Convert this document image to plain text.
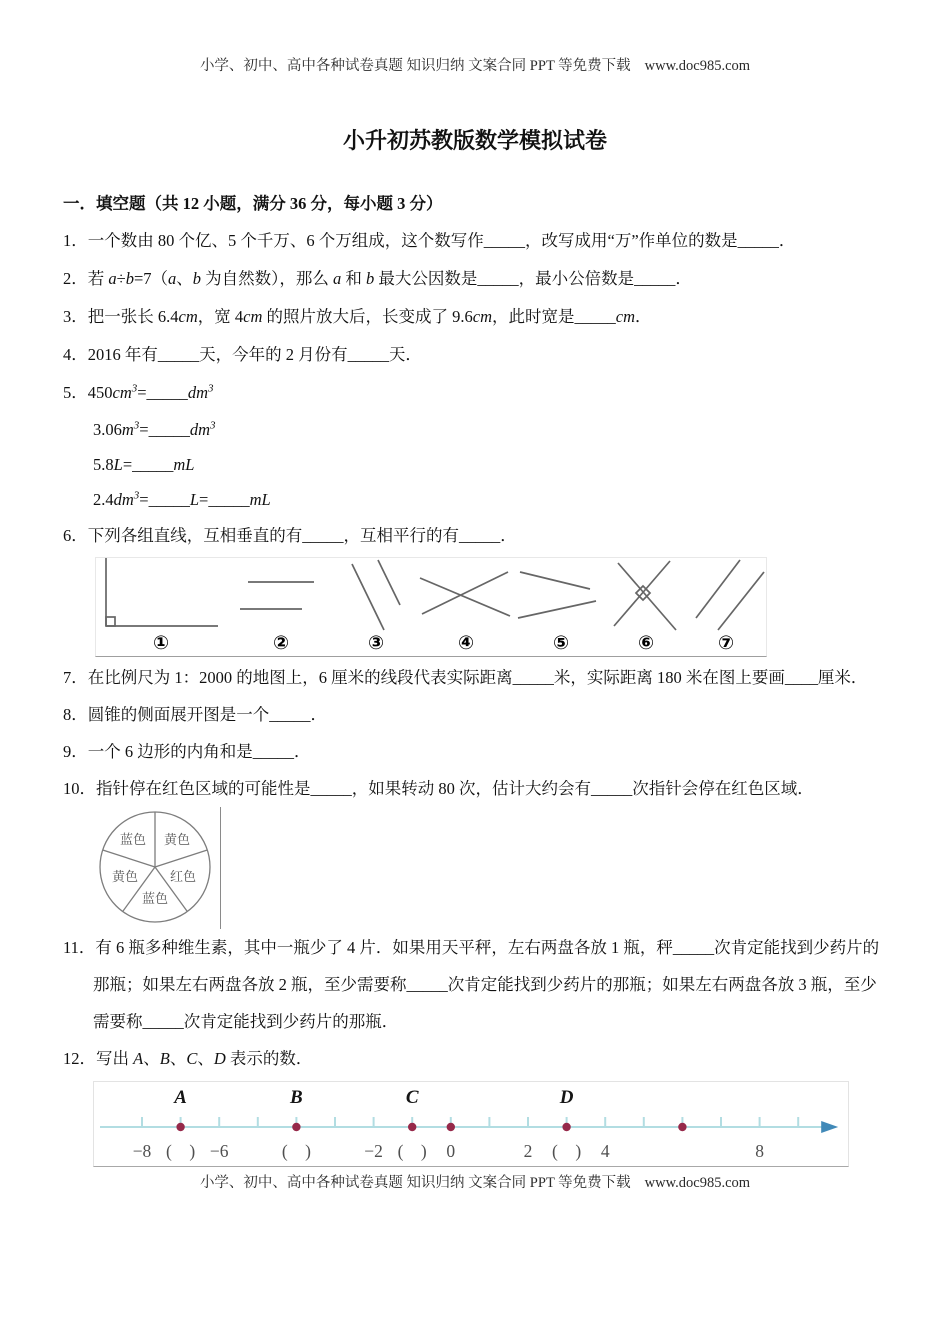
小学、初中、高中各种试卷真题 知识归纳 文案合同 PPT 等免费下载 www.doc985.com
小升初苏教版数学模拟试卷
一．填空题（共 12 小题，满分 36 分，每小题 3 分）

1．一个数由 80 个亿、5 个千万、6 个万组成，这个数写作_____，改写成用“万”作单位的数是_____．

2．若 a÷b=7（a、b 为自然数），那么 a 和 b 最大公因数是_____，最小公倍数是_____．

3．把一张长 6.4cm，宽 4cm 的照片放大后，长变成了 9.6cm，此时宽是_____cm．

4．2016 年有_____天，今年的 2 月份有_____天．

5．$450cm^3=\_\_\_\_\_dm^3$

$3.06m^3=\_\_\_\_\_dm^3$

5.8L=_____mL

$2.4dm^3=\_\_\_\_\_L=\_\_\_\_\_mL$

6．下列各组直线，互相垂直的有_____，互相平行的有_____．

①	②	③	④	⑤	⑥	⑦

7．在比例尺为 1：2000 的地图上，6 厘米的线段代表实际距离_____米，实际距离 180 米在图上要画____厘米．

8．圆锥的侧面展开图是一个_____．

9．一个 6 边形的内角和是_____．

10．指针停在红色区域的可能性是_____，如果转动 80 次，估计大约会有_____次指针会停在红色区域．

蓝色 黄色
红色
蓝色
黄色

11．有 6 瓶多种维生素，其中一瓶少了 4 片．如果用天平秤，左右两盘各放 1 瓶，秤_____次肯定能找到少药片的那瓶；如果左右两盘各放 2 瓶，至少需要称_____次肯定能找到少药片的那瓶；如果左右两盘各放 3 瓶，至少需要称_____次肯定能找到少药片的那瓶．

12．写出 A、B、C、D 表示的数．

A	B	C	D
−8 (  ) −6	(  )	−2 (  ) 0	2 (  ) 4	8
小学、初中、高中各种试卷真题 知识归纳 文案合同 PPT 等免费下载 www.doc985.com
